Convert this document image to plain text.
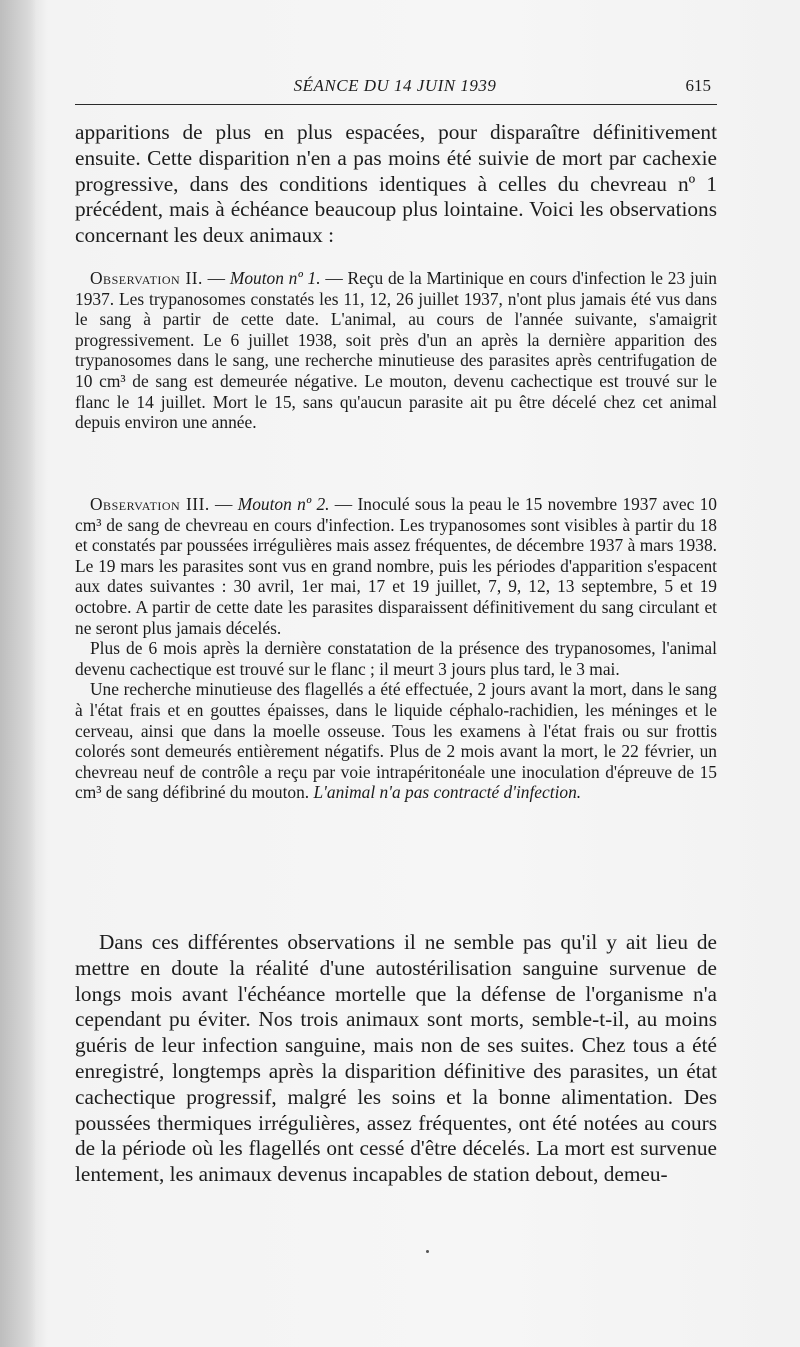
SÉANCE DU 14 JUIN 1939	615

apparitions de plus en plus espacées, pour disparaître définitivement ensuite. Cette disparition n'en a pas moins été suivie de mort par cachexie progressive, dans des conditions identiques à celles du chevreau nº 1 précédent, mais à échéance beaucoup plus lointaine. Voici les observations concernant les deux animaux :

Observation II. — Mouton nº 1. — Reçu de la Martinique en cours d'infection le 23 juin 1937. Les trypanosomes constatés les 11, 12, 26 juillet 1937, n'ont plus jamais été vus dans le sang à partir de cette date. L'animal, au cours de l'année suivante, s'amaigrit progressivement. Le 6 juillet 1938, soit près d'un an après la dernière apparition des trypanosomes dans le sang, une recherche minutieuse des parasites après centrifugation de 10 cm³ de sang est demeurée négative. Le mouton, devenu cachectique est trouvé sur le flanc le 14 juillet. Mort le 15, sans qu'aucun parasite ait pu être décelé chez cet animal depuis environ une année.

Observation III. — Mouton nº 2. — Inoculé sous la peau le 15 novembre 1937 avec 10 cm³ de sang de chevreau en cours d'infection. Les trypanosomes sont visibles à partir du 18 et constatés par poussées irrégulières mais assez fréquentes, de décembre 1937 à mars 1938. Le 19 mars les parasites sont vus en grand nombre, puis les périodes d'apparition s'espacent aux dates suivantes : 30 avril, 1er mai, 17 et 19 juillet, 7, 9, 12, 13 septembre, 5 et 19 octobre. A partir de cette date les parasites disparaissent définitivement du sang circulant et ne seront plus jamais décelés.

Plus de 6 mois après la dernière constatation de la présence des trypanosomes, l'animal devenu cachectique est trouvé sur le flanc ; il meurt 3 jours plus tard, le 3 mai.

Une recherche minutieuse des flagellés a été effectuée, 2 jours avant la mort, dans le sang à l'état frais et en gouttes épaisses, dans le liquide céphalo-rachidien, les méninges et le cerveau, ainsi que dans la moelle osseuse. Tous les examens à l'état frais ou sur frottis colorés sont demeurés entièrement négatifs. Plus de 2 mois avant la mort, le 22 février, un chevreau neuf de contrôle a reçu par voie intrapéritonéale une inoculation d'épreuve de 15 cm³ de sang défibriné du mouton. L'animal n'a pas contracté d'infection.

Dans ces différentes observations il ne semble pas qu'il y ait lieu de mettre en doute la réalité d'une autostérilisation sanguine survenue de longs mois avant l'échéance mortelle que la défense de l'organisme n'a cependant pu éviter. Nos trois animaux sont morts, semble-t-il, au moins guéris de leur infection sanguine, mais non de ses suites. Chez tous a été enregistré, longtemps après la disparition définitive des parasites, un état cachectique progressif, malgré les soins et la bonne alimentation. Des poussées thermiques irrégulières, assez fréquentes, ont été notées au cours de la période où les flagellés ont cessé d'être décelés. La mort est survenue lentement, les animaux devenus incapables de station debout, demeu-
